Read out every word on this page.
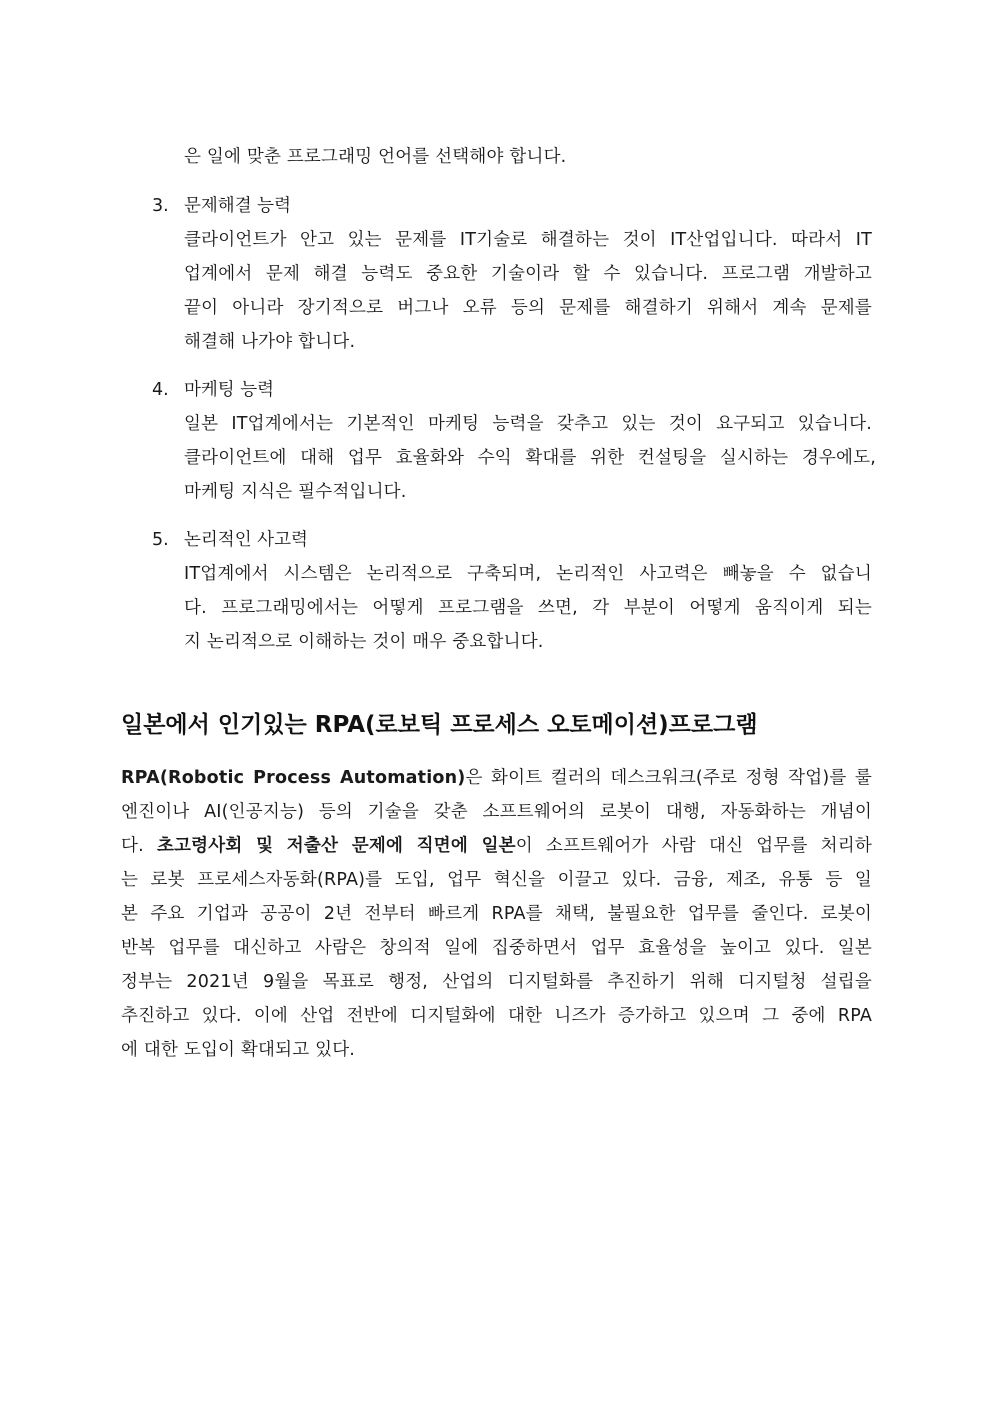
은 일에 맞춘 프로그래밍 언어를 선택해야 합니다.
3. 문제해결 능력
클라이언트가 안고 있는 문제를 IT기술로 해결하는 것이 IT산업입니다. 따라서 IT
업계에서 문제 해결 능력도 중요한 기술이라 할 수 있습니다. 프로그램 개발하고
끝이 아니라 장기적으로 버그나 오류 등의 문제를 해결하기 위해서 계속 문제를
해결해 나가야 합니다.
4. 마케팅 능력
일본 IT업계에서는 기본적인 마케팅 능력을 갖추고 있는 것이 요구되고 있습니다.
클라이언트에 대해 업무 효율화와 수익 확대를 위한 컨설팅을 실시하는 경우에도,
마케팅 지식은 필수적입니다.
5. 논리적인 사고력
IT업계에서 시스템은 논리적으로 구축되며, 논리적인 사고력은 빼놓을 수 없습니
다. 프로그래밍에서는 어떻게 프로그램을 쓰면, 각 부분이 어떻게 움직이게 되는
지 논리적으로 이해하는 것이 매우 중요합니다.
일본에서 인기있는 RPA(로보틱 프로세스 오토메이션)프로그램
RPA(Robotic Process Automation)은 화이트 컬러의 데스크워크(주로 정형 작업)를 룰
엔진이나 AI(인공지능) 등의 기술을 갖춘 소프트웨어의 로봇이 대행, 자동화하는 개념이
다. 초고령사회 및 저출산 문제에 직면에 일본이 소프트웨어가 사람 대신 업무를 처리하
는 로봇 프로세스자동화(RPA)를 도입, 업무 혁신을 이끌고 있다. 금융, 제조, 유통 등 일
본 주요 기업과 공공이 2년 전부터 빠르게 RPA를 채택, 불필요한 업무를 줄인다. 로봇이
반복 업무를 대신하고 사람은 창의적 일에 집중하면서 업무 효율성을 높이고 있다. 일본
정부는 2021년 9월을 목표로 행정, 산업의 디지털화를 추진하기 위해 디지털청 설립을
추진하고 있다. 이에 산업 전반에 디지털화에 대한 니즈가 증가하고 있으며 그 중에 RPA
에 대한 도입이 확대되고 있다.
